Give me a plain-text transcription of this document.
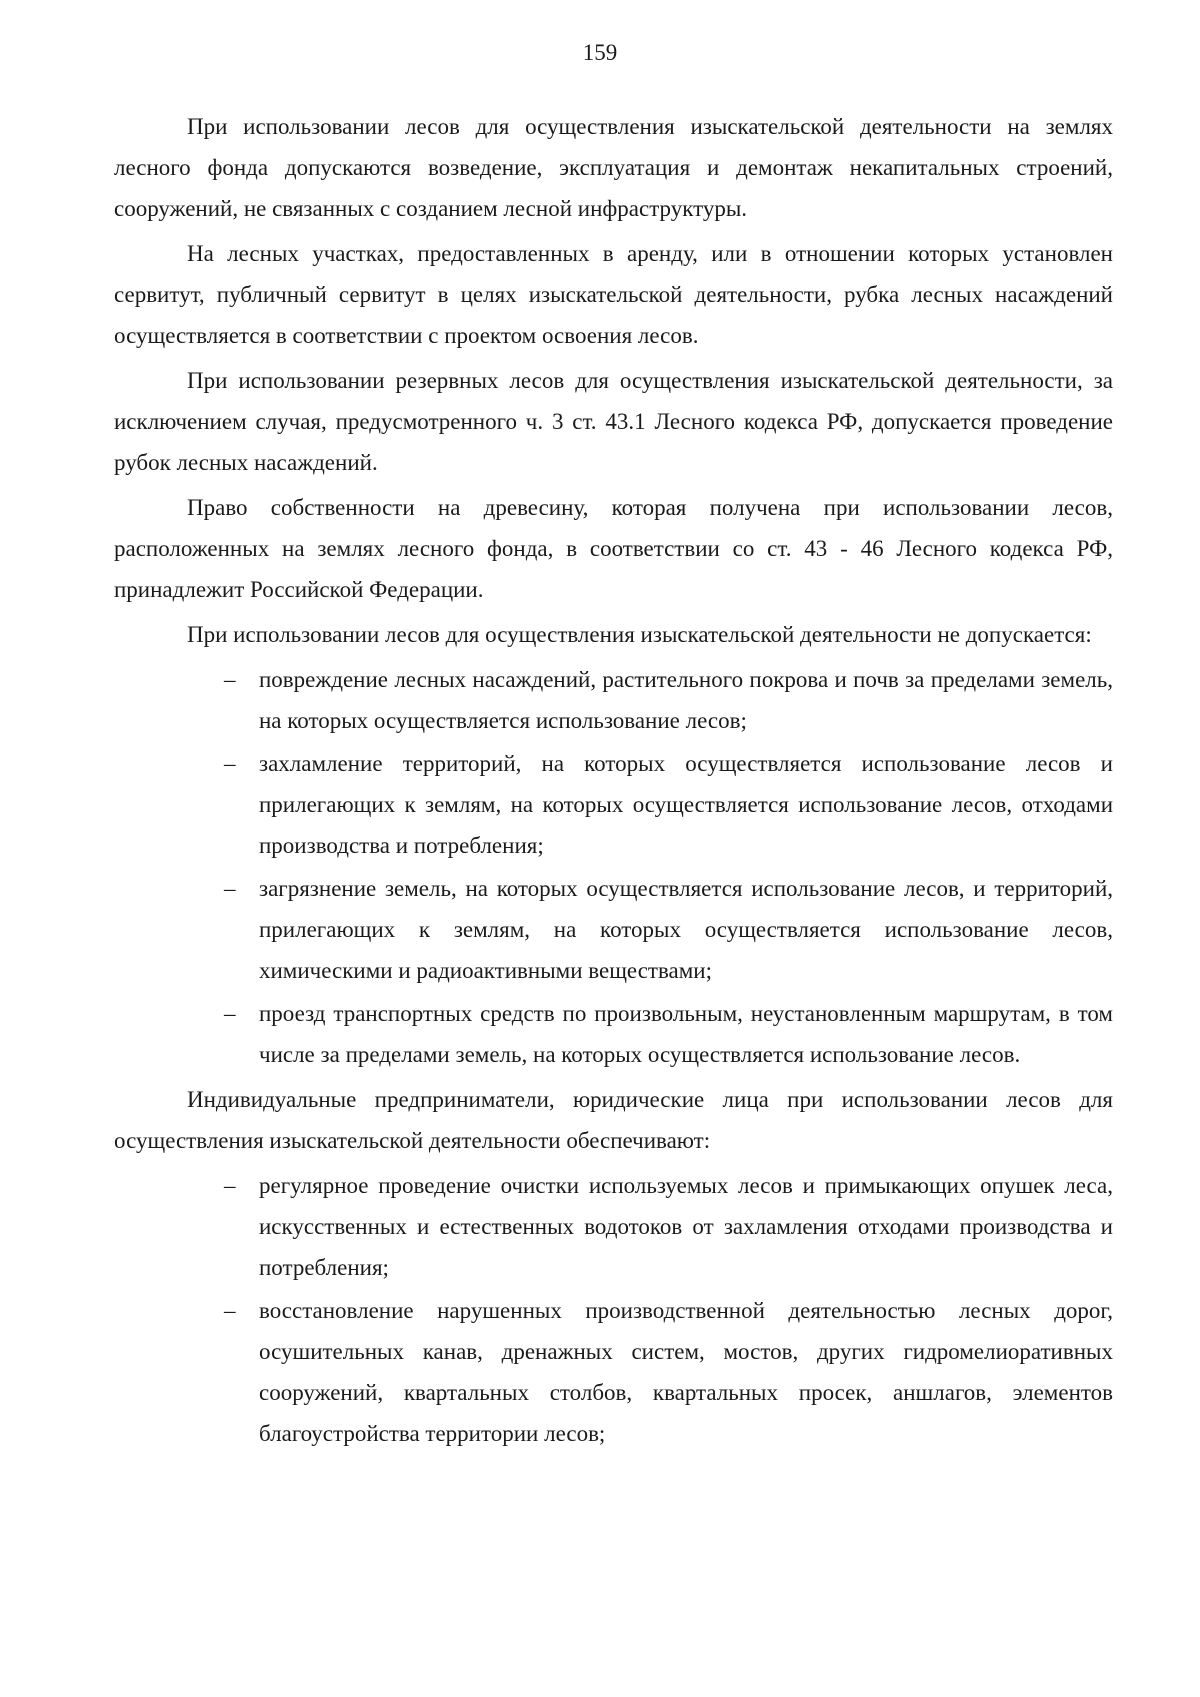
159

При использовании лесов для осуществления изыскательской деятельности на землях лесного фонда допускаются возведение, эксплуатация и демонтаж некапитальных строений, сооружений, не связанных с созданием лесной инфраструктуры.

На лесных участках, предоставленных в аренду, или в отношении которых установлен сервитут, публичный сервитут в целях изыскательской деятельности, рубка лесных насаждений осуществляется в соответствии с проектом освоения лесов.

При использовании резервных лесов для осуществления изыскательской деятельности, за исключением случая, предусмотренного ч. 3 ст. 43.1 Лесного кодекса РФ, допускается проведение рубок лесных насаждений.

Право собственности на древесину, которая получена при использовании лесов, расположенных на землях лесного фонда, в соответствии со ст. 43 - 46 Лесного кодекса РФ, принадлежит Российской Федерации.

При использовании лесов для осуществления изыскательской деятельности не допускается:

– повреждение лесных насаждений, растительного покрова и почв за пределами земель, на которых осуществляется использование лесов;
– захламление территорий, на которых осуществляется использование лесов и прилегающих к землям, на которых осуществляется использование лесов, отходами производства и потребления;
– загрязнение земель, на которых осуществляется использование лесов, и территорий, прилегающих к землям, на которых осуществляется использование лесов, химическими и радиоактивными веществами;
– проезд транспортных средств по произвольным, неустановленным маршрутам, в том числе за пределами земель, на которых осуществляется использование лесов.

Индивидуальные предприниматели, юридические лица при использовании лесов для осуществления изыскательской деятельности обеспечивают:

– регулярное проведение очистки используемых лесов и примыкающих опушек леса, искусственных и естественных водотоков от захламления отходами производства и потребления;
– восстановление нарушенных производственной деятельностью лесных дорог, осушительных канав, дренажных систем, мостов, других гидромелиоративных сооружений, квартальных столбов, квартальных просек, аншлагов, элементов благоустройства территории лесов;
